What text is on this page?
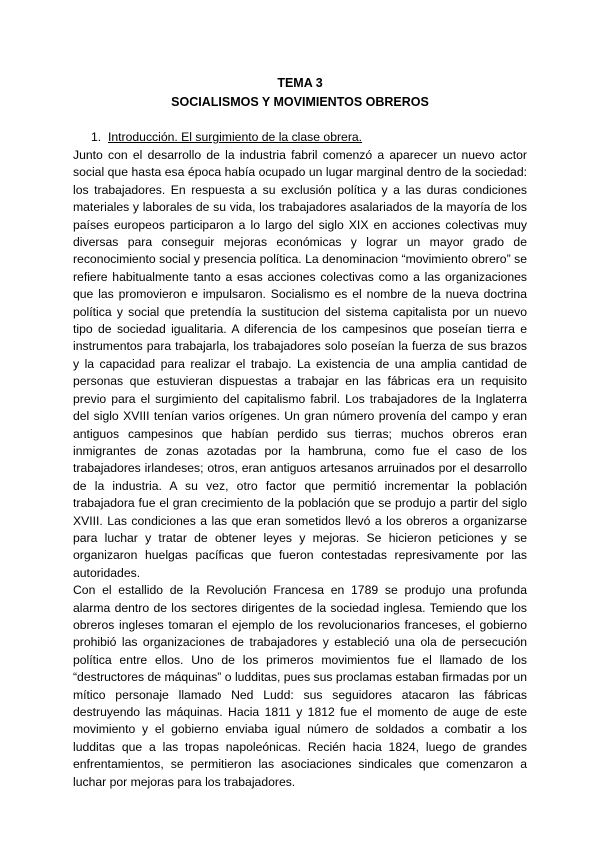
TEMA 3
SOCIALISMOS Y MOVIMIENTOS OBREROS
1. Introducción. El surgimiento de la clase obrera.

Junto con el desarrollo de la industria fabril comenzó a aparecer un nuevo actor social que hasta esa época había ocupado un lugar marginal dentro de la sociedad: los trabajadores. En respuesta a su exclusión política y a las duras condiciones materiales y laborales de su vida, los trabajadores asalariados de la mayoría de los países europeos participaron a lo largo del siglo XIX en acciones colectivas muy diversas para conseguir mejoras económicas y lograr un mayor grado de reconocimiento social y presencia política. La denominacion “movimiento obrero” se refiere habitualmente tanto a esas acciones colectivas como a las organizaciones que las promovieron e impulsaron. Socialismo es el nombre de la nueva doctrina política y social que pretendía la sustitucion del sistema capitalista por un nuevo tipo de sociedad igualitaria. A diferencia de los campesinos que poseían tierra e instrumentos para trabajarla, los trabajadores solo poseían la fuerza de sus brazos y la capacidad para realizar el trabajo. La existencia de una amplia cantidad de personas que estuvieran dispuestas a trabajar en las fábricas era un requisito previo para el surgimiento del capitalismo fabril. Los trabajadores de la Inglaterra del siglo XVIII tenían varios orígenes. Un gran número provenía del campo y eran antiguos campesinos que habían perdido sus tierras; muchos obreros eran inmigrantes de zonas azotadas por la hambruna, como fue el caso de los trabajadores irlandeses; otros, eran antiguos artesanos arruinados por el desarrollo de la industria. A su vez, otro factor que permitió incrementar la población trabajadora fue el gran crecimiento de la población que se produjo a partir del siglo XVIII. Las condiciones a las que eran sometidos llevó a los obreros a organizarse para luchar y tratar de obtener leyes y mejoras. Se hicieron peticiones y se organizaron huelgas pacíficas que fueron contestadas represivamente por las autoridades.

Con el estallido de la Revolución Francesa en 1789 se produjo una profunda alarma dentro de los sectores dirigentes de la sociedad inglesa. Temiendo que los obreros ingleses tomaran el ejemplo de los revolucionarios franceses, el gobierno prohibió las organizaciones de trabajadores y estableció una ola de persecución política entre ellos. Uno de los primeros movimientos fue el llamado de los “destructores de máquinas” o ludditas, pues sus proclamas estaban firmadas por un mítico personaje llamado Ned Ludd: sus seguidores atacaron las fábricas destruyendo las máquinas. Hacia 1811 y 1812 fue el momento de auge de este movimiento y el gobierno enviaba igual número de soldados a combatir a los ludditas que a las tropas napoleónicas. Recién hacia 1824, luego de grandes enfrentamientos, se permitieron las asociaciones sindicales que comenzaron a luchar por mejoras para los trabajadores.
